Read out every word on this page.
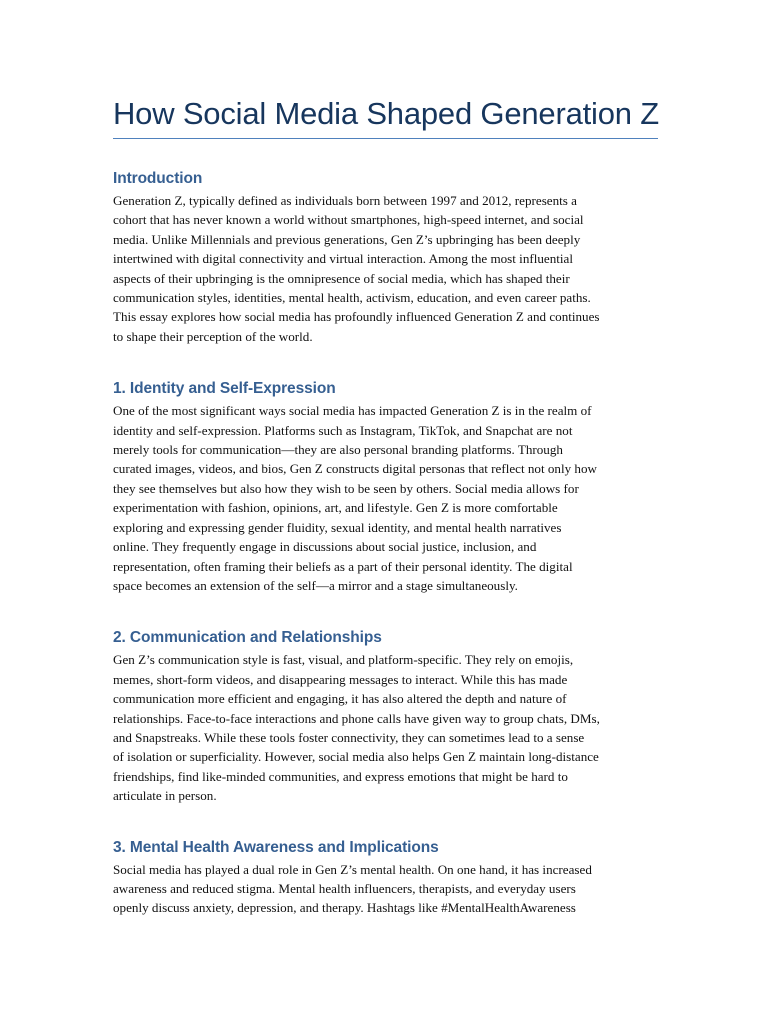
How Social Media Shaped Generation Z
Introduction

Generation Z, typically defined as individuals born between 1997 and 2012, represents a
cohort that has never known a world without smartphones, high-speed internet, and social
media. Unlike Millennials and previous generations, Gen Z’s upbringing has been deeply
intertwined with digital connectivity and virtual interaction. Among the most influential
aspects of their upbringing is the omnipresence of social media, which has shaped their
communication styles, identities, mental health, activism, education, and even career paths.
This essay explores how social media has profoundly influenced Generation Z and continues
to shape their perception of the world.

1. Identity and Self-Expression

One of the most significant ways social media has impacted Generation Z is in the realm of
identity and self-expression. Platforms such as Instagram, TikTok, and Snapchat are not
merely tools for communication—they are also personal branding platforms. Through
curated images, videos, and bios, Gen Z constructs digital personas that reflect not only how
they see themselves but also how they wish to be seen by others. Social media allows for
experimentation with fashion, opinions, art, and lifestyle. Gen Z is more comfortable
exploring and expressing gender fluidity, sexual identity, and mental health narratives
online. They frequently engage in discussions about social justice, inclusion, and
representation, often framing their beliefs as a part of their personal identity. The digital
space becomes an extension of the self—a mirror and a stage simultaneously.

2. Communication and Relationships

Gen Z’s communication style is fast, visual, and platform-specific. They rely on emojis,
memes, short-form videos, and disappearing messages to interact. While this has made
communication more efficient and engaging, it has also altered the depth and nature of
relationships. Face-to-face interactions and phone calls have given way to group chats, DMs,
and Snapstreaks. While these tools foster connectivity, they can sometimes lead to a sense
of isolation or superficiality. However, social media also helps Gen Z maintain long-distance
friendships, find like-minded communities, and express emotions that might be hard to
articulate in person.

3. Mental Health Awareness and Implications

Social media has played a dual role in Gen Z’s mental health. On one hand, it has increased
awareness and reduced stigma. Mental health influencers, therapists, and everyday users
openly discuss anxiety, depression, and therapy. Hashtags like #MentalHealthAwareness
